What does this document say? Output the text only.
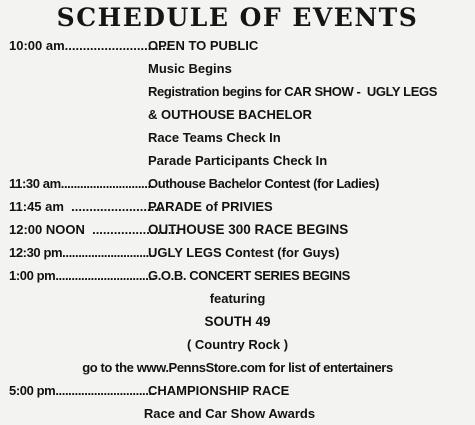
SCHEDULE OF EVENTS
10:00 am.............................
OPEN TO PUBLIC
Music Begins
Registration begins for CAR SHOW -  UGLY LEGS
& OUTHOUSE BACHELOR
Race Teams Check In
Parade Participants Check In
11:30 am.............................
Outhouse Bachelor Contest (for Ladies)
11:45 am  ..........................
PARADE of PRIVIES
12:00 NOON  ........................
OUTHOUSE 300 RACE BEGINS
12:30 pm.............................
UGLY LEGS Contest (for Guys)
1:00 pm...............................
G.O.B. CONCERT SERIES BEGINS
featuring
SOUTH 49
( Country Rock )
go to the www.PennsStore.com for list of entertainers
5:00 pm...............................
CHAMPIONSHIP RACE
Race and Car Show Awards
